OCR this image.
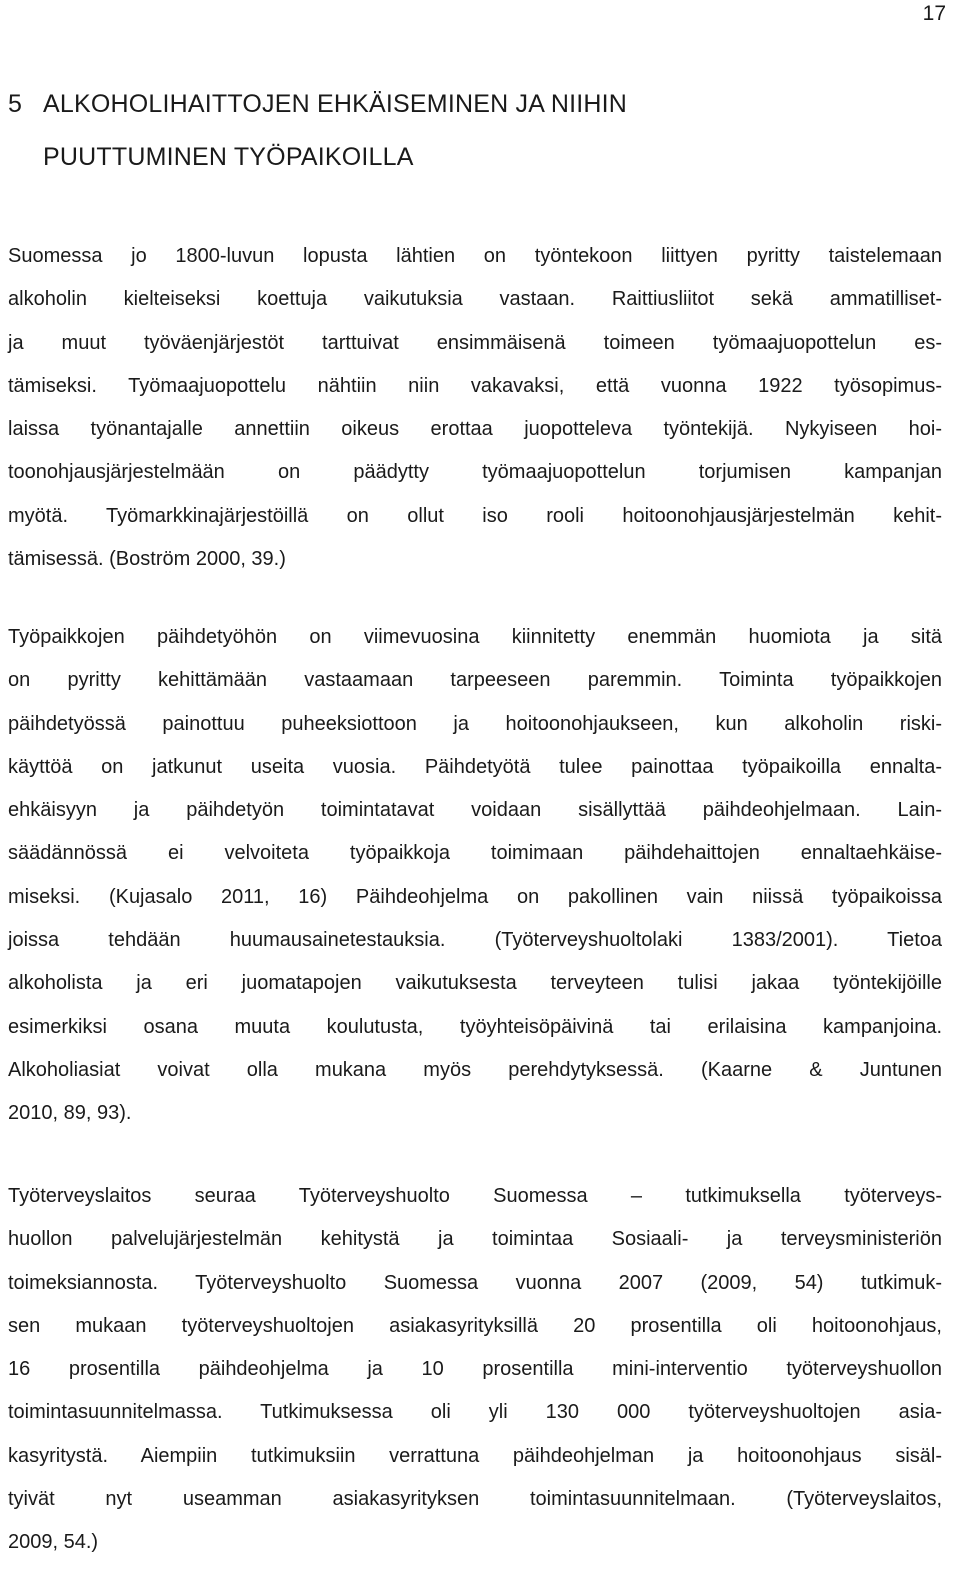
17
5 ALKOHOLIHAITTOJEN EHKÄISEMINEN JA NIIHIN
PUUTTUMINEN TYÖPAIKOILLA
Suomessa jo 1800-luvun lopusta lähtien on työntekoon liittyen pyritty taistelemaan
alkoholin kielteiseksi koettuja vaikutuksia vastaan. Raittiusliitot sekä ammatilliset-
ja muut työväenjärjestöt tarttuivat ensimmäisenä toimeen työmaajuopottelun es-
tämiseksi. Työmaajuopottelu nähtiin niin vakavaksi, että vuonna 1922 työsopimus-
laissa työnantajalle annettiin oikeus erottaa juopotteleva työntekijä. Nykyiseen hoi-
toonohjausjärjestelmään on päädytty työmaajuopottelun torjumisen kampanjan
myötä. Työmarkkinajärjestöillä on ollut iso rooli hoitoonohjausjärjestelmän kehit-
tämisessä. (Boström 2000, 39.)
Työpaikkojen päihdetyöhön on viimevuosina kiinnitetty enemmän huomiota ja sitä
on pyritty kehittämään vastaamaan tarpeeseen paremmin. Toiminta työpaikkojen
päihdetyössä painottuu puheeksiottoon ja hoitoonohjaukseen, kun alkoholin riski-
käyttöä on jatkunut useita vuosia. Päihdetyötä tulee painottaa työpaikoilla ennalta-
ehkäisyyn ja päihdetyön toimintatavat voidaan sisällyttää päihdeohjelmaan. Lain-
säädännössä ei velvoiteta työpaikkoja toimimaan päihdehaittojen ennaltaehkäise-
miseksi. (Kujasalo 2011, 16) Päihdeohjelma on pakollinen vain niissä työpaikoissa
joissa tehdään huumausainetestauksia. (Työterveyshuoltolaki 1383/2001). Tietoa
alkoholista ja eri juomatapojen vaikutuksesta terveyteen tulisi jakaa työntekijöille
esimerkiksi osana muuta koulutusta, työyhteisöpäivinä tai erilaisina kampanjoina.
Alkoholiasiat voivat olla mukana myös perehdytyksessä. (Kaarne & Juntunen
2010, 89, 93).
Työterveyslaitos seuraa Työterveyshuolto Suomessa – tutkimuksella työterveys-
huollon palvelujärjestelmän kehitystä ja toimintaa Sosiaali- ja terveysministeriön
toimeksiannosta. Työterveyshuolto Suomessa vuonna 2007 (2009, 54) tutkimuk-
sen mukaan työterveyshuoltojen asiakasyrityksillä 20 prosentilla oli hoitoonohjaus,
16 prosentilla päihdeohjelma ja 10 prosentilla mini-interventio työterveyshuollon
toimintasuunnitelmassa. Tutkimuksessa oli yli 130 000 työterveyshuoltojen asia-
kasyritystä. Aiempiin tutkimuksiin verrattuna päihdeohjelman ja hoitoonohjaus sisäl-
tyivät nyt useamman asiakasyrityksen toimintasuunnitelmaan. (Työterveyslaitos,
2009, 54.)
